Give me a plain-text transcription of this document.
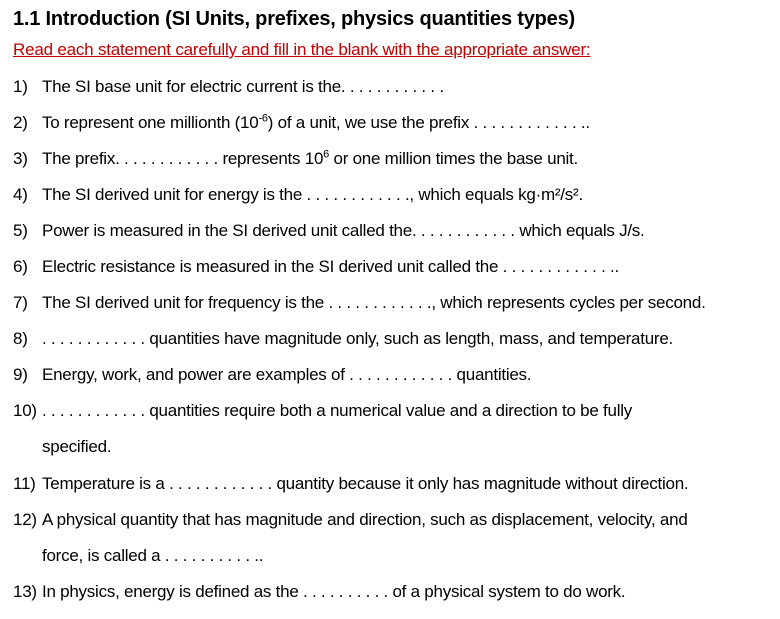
1.1 Introduction (SI Units, prefixes, physics quantities types)
Read each statement carefully and fill in the blank with the appropriate answer:
1) The SI base unit for electric current is the. . . . . . . . . . . .
2) To represent one millionth $(10^{-6})$ of a unit, we use the prefix . . . . . . . . . . . . ..
3) The prefix. . . . . . . . . . . . represents $10^6$ or one million times the base unit.
4) The SI derived unit for energy is the . . . . . . . . . . . ., which equals kg·m²/s².
5) Power is measured in the SI derived unit called the. . . . . . . . . . . . which equals J/s.
6) Electric resistance is measured in the SI derived unit called the . . . . . . . . . . . . ..
7) The SI derived unit for frequency is the . . . . . . . . . . . ., which represents cycles per second.
8) . . . . . . . . . . . . quantities have magnitude only, such as length, mass, and temperature.
9) Energy, work, and power are examples of . . . . . . . . . . . . quantities.
10) . . . . . . . . . . . . quantities require both a numerical value and a direction to be fully
specified.
11) Temperature is a . . . . . . . . . . . . quantity because it only has magnitude without direction.
12) A physical quantity that has magnitude and direction, such as displacement, velocity, and
force, is called a . . . . . . . . . . ..
13) In physics, energy is defined as the . . . . . . . . . . of a physical system to do work.
